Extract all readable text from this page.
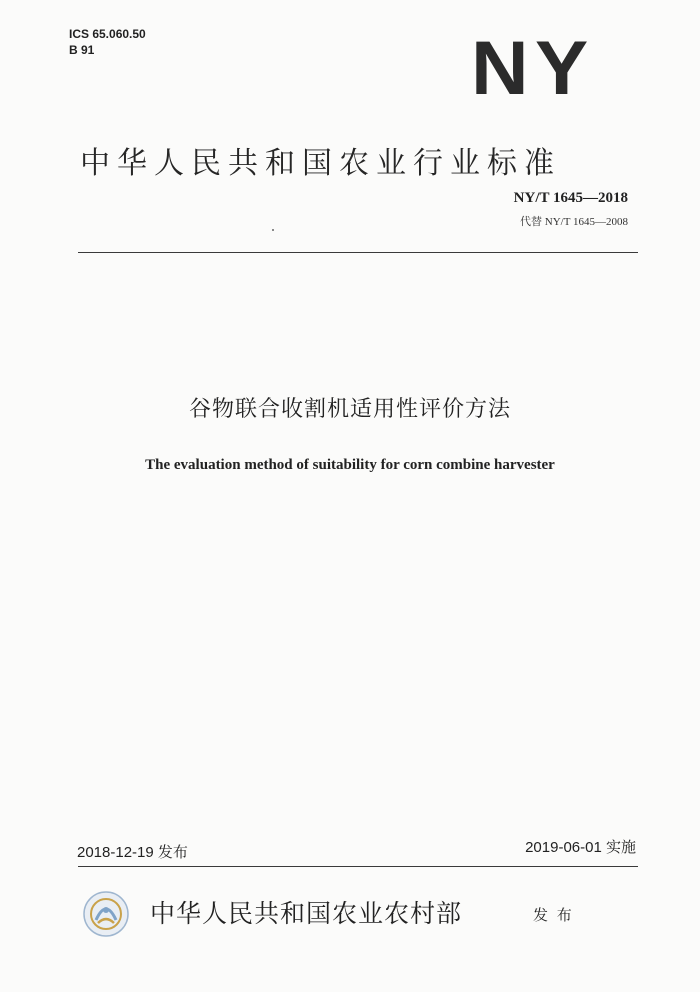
ICS 65.060.50
B 91	NY
中华人民共和国农业行业标准
NY/T 1645—2018
代替 NY/T 1645—2008
谷物联合收割机适用性评价方法
The evaluation method of suitability for corn combine harvester
2018-12-19 发布	2019-06-01 实施
中华人民共和国农业农村部	发 布
